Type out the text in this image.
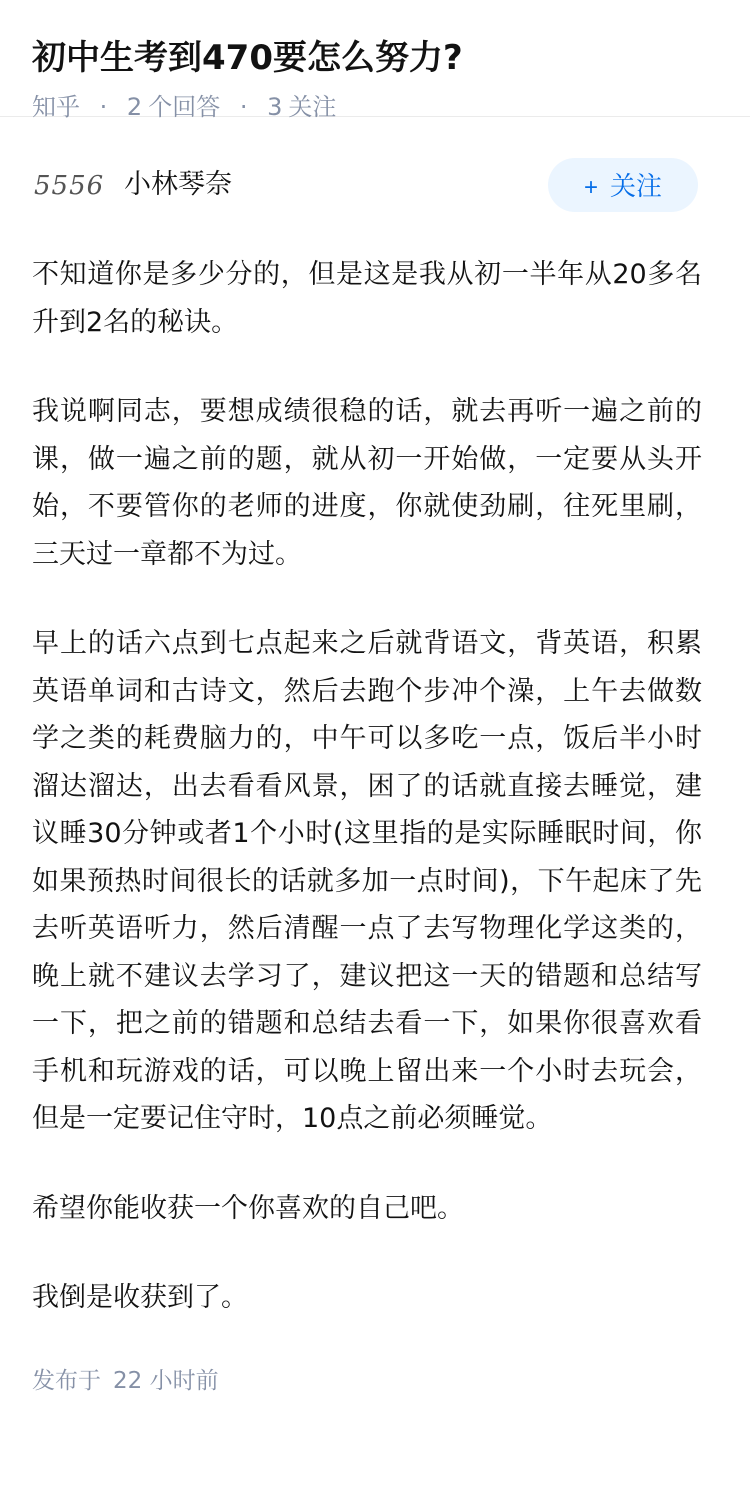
初中生考到470要怎么努力?
知乎 · 2 个回答 · 3 关注
5556 小林琴奈	+ 关注

不知道你是多少分的，但是这是我从初一半年从20多名升到2名的秘诀。

我说啊同志，要想成绩很稳的话，就去再听一遍之前的课，做一遍之前的题，就从初一开始做，一定要从头开始，不要管你的老师的进度，你就使劲刷，往死里刷，三天过一章都不为过。

早上的话六点到七点起来之后就背语文，背英语，积累英语单词和古诗文，然后去跑个步冲个澡，上午去做数学之类的耗费脑力的，中午可以多吃一点，饭后半小时溜达溜达，出去看看风景，困了的话就直接去睡觉，建议睡30分钟或者1个小时(这里指的是实际睡眠时间，你如果预热时间很长的话就多加一点时间)，下午起床了先去听英语听力，然后清醒一点了去写物理化学这类的，晚上就不建议去学习了，建议把这一天的错题和总结写一下，把之前的错题和总结去看一下，如果你很喜欢看手机和玩游戏的话，可以晚上留出来一个小时去玩会，但是一定要记住守时，10点之前必须睡觉。

希望你能收获一个你喜欢的自己吧。

我倒是收获到了。

发布于 22 小时前
